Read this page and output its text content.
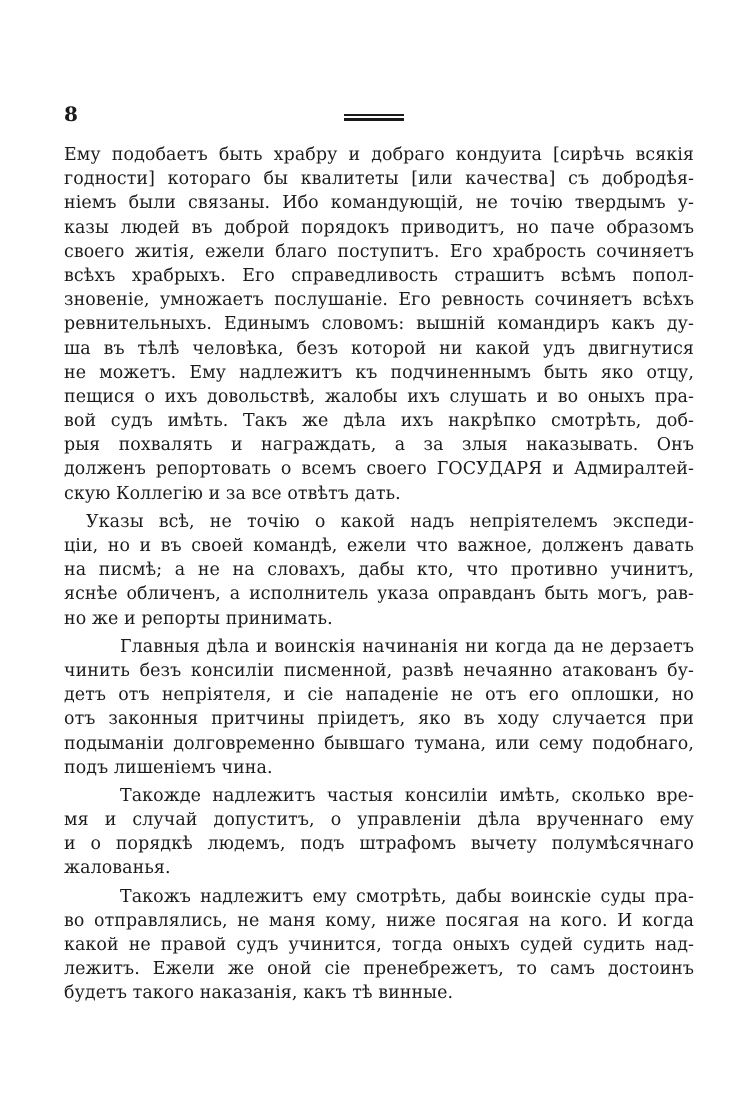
8
Ему подобаетъ быть храбру и добраго кондуита [сирѣчь всякія
годности] котораго бы квалитеты [или качества] съ добродѣя-
ніемъ были связаны. Ибо командующій, не точію твердымъ у-
казы людей въ доброй порядокъ приводитъ, но паче образомъ
своего житія, ежели благо поступитъ. Его храбрость сочиняетъ
всѣхъ храбрыхъ. Его справедливость страшитъ всѣмъ попол-
зновеніе, умножаетъ послушаніе. Его ревность сочиняетъ всѣхъ
ревнительныхъ. Единымъ словомъ: вышній командиръ какъ ду-
ша въ тѣлѣ человѣка, безъ которой ни какой удъ двигнутися
не можетъ. Ему надлежитъ къ подчиненнымъ быть яко отцу,
пещися о ихъ довольствѣ, жалобы ихъ слушать и во оныхъ пра-
вой судъ имѣть. Такъ же дѣла ихъ накрѣпко смотрѣть, доб-
рыя похвалять и награждать, а за злыя наказывать. Онъ
долженъ репортовать о всемъ своего ГОСУДАРЯ и Адмиралтей-
скую Коллегію и за все отвѣтъ дать.
Указы всѣ, не точію о какой надъ непріятелемъ экспеди-
ціи, но и въ своей командѣ, ежели что важное, долженъ давать
на писмѣ; а не на словахъ, дабы кто, что противно учинитъ,
яснѣе обличенъ, а исполнитель указа оправданъ быть могъ, рав-
но же и репорты принимать.
Главныя дѣла и воинскія начинанія ни когда да не дерзаетъ
чинить безъ консиліи писменной, развѣ нечаянно атакованъ бу-
детъ отъ непріятеля, и сіе нападеніе не отъ его оплошки, но
отъ законныя притчины пріидетъ, яко въ ходу случается при
подыманіи долговременно бывшаго тумана, или сему подобнаго,
подъ лишеніемъ чина.
Такожде надлежитъ частыя консиліи имѣть, сколько вре-
мя и случай допуститъ, о управленіи дѣла врученнаго ему
и о порядкѣ людемъ, подъ штрафомъ вычету полумѣсячнаго
жалованья.
Такожъ надлежитъ ему смотрѣть, дабы воинскіе суды пра-
во отправлялись, не маня кому, ниже посягая на кого. И когда
какой не правой судъ учинится, тогда оныхъ судей судить над-
лежитъ. Ежели же оной сіе пренебрежетъ, то самъ достоинъ
будетъ такого наказанія, какъ тѣ винные.
